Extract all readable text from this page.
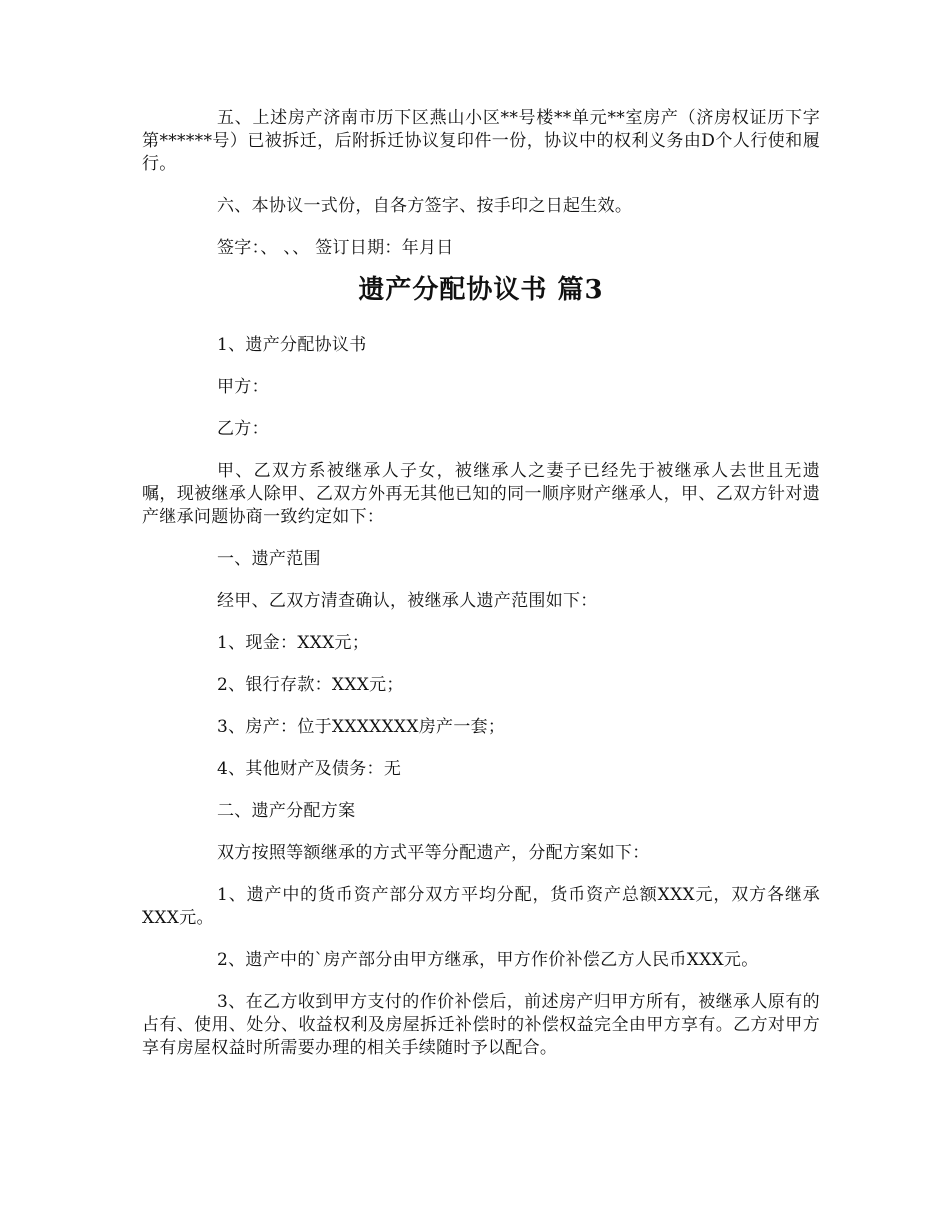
五、上述房产济南市历下区燕山小区**号楼**单元**室房产（济房权证历下字第******号）已被拆迁，后附拆迁协议复印件一份，协议中的权利义务由D个人行使和履行。

六、本协议一式份，自各方签字、按手印之日起生效。

签字：、 、、 签订日期：年月日

遗产分配协议书 篇3

1、遗产分配协议书

甲方：

乙方：

甲、乙双方系被继承人子女，被继承人之妻子已经先于被继承人去世且无遗嘱，现被继承人除甲、乙双方外再无其他已知的同一顺序财产继承人，甲、乙双方针对遗产继承问题协商一致约定如下：

一、遗产范围

经甲、乙双方清查确认，被继承人遗产范围如下：

1、现金：XXX元；

2、银行存款：XXX元；

3、房产：位于XXXXXXX房产一套；

4、其他财产及债务：无

二、遗产分配方案

双方按照等额继承的方式平等分配遗产，分配方案如下：

1、遗产中的货币资产部分双方平均分配，货币资产总额XXX元，双方各继承XXX元。

2、遗产中的`房产部分由甲方继承，甲方作价补偿乙方人民币XXX元。

3、在乙方收到甲方支付的作价补偿后，前述房产归甲方所有，被继承人原有的占有、使用、处分、收益权利及房屋拆迁补偿时的补偿权益完全由甲方享有。乙方对甲方享有房屋权益时所需要办理的相关手续随时予以配合。
